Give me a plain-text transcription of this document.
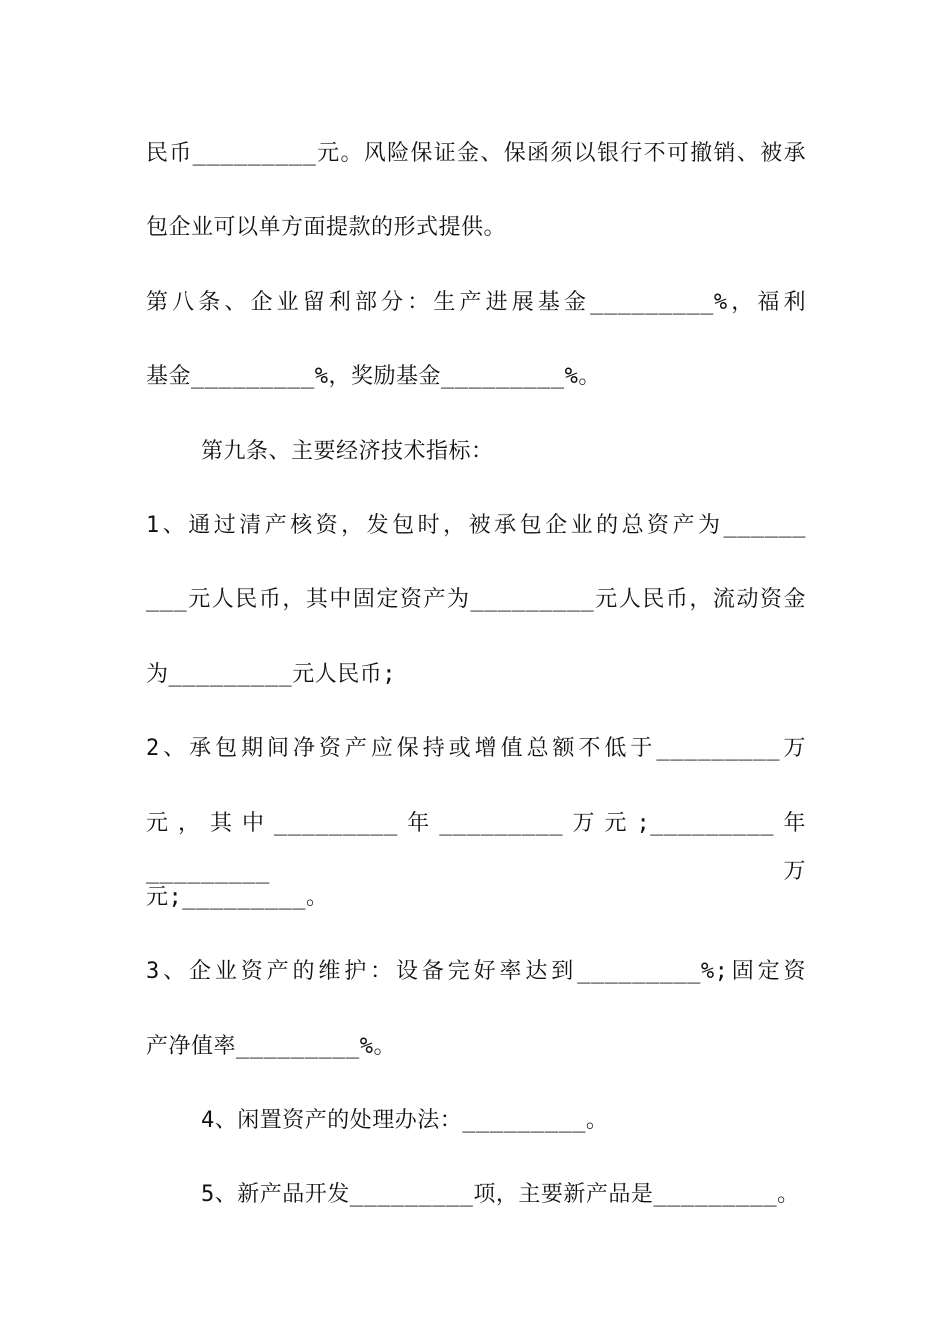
民币_________元。风险保证金、保函须以银行不可撤销、被承
包企业可以单方面提款的形式提供。
第八条、企业留利部分：生产进展基金_________%，福利
基金_________%，奖励基金_________%。
第九条、主要经济技术指标：
1、通过清产核资，发包时，被承包企业的总资产为______
___元人民币，其中固定资产为_________元人民币，流动资金
为_________元人民币;
2、承包期间净资产应保持或增值总额不低于_________万
元，其中_________年_________万元;_________年_________万
元;_________。
3、企业资产的维护：设备完好率达到_________%;固定资
产净值率_________%。
4、闲置资产的处理办法：_________。
5、新产品开发_________项，主要新产品是_________。
